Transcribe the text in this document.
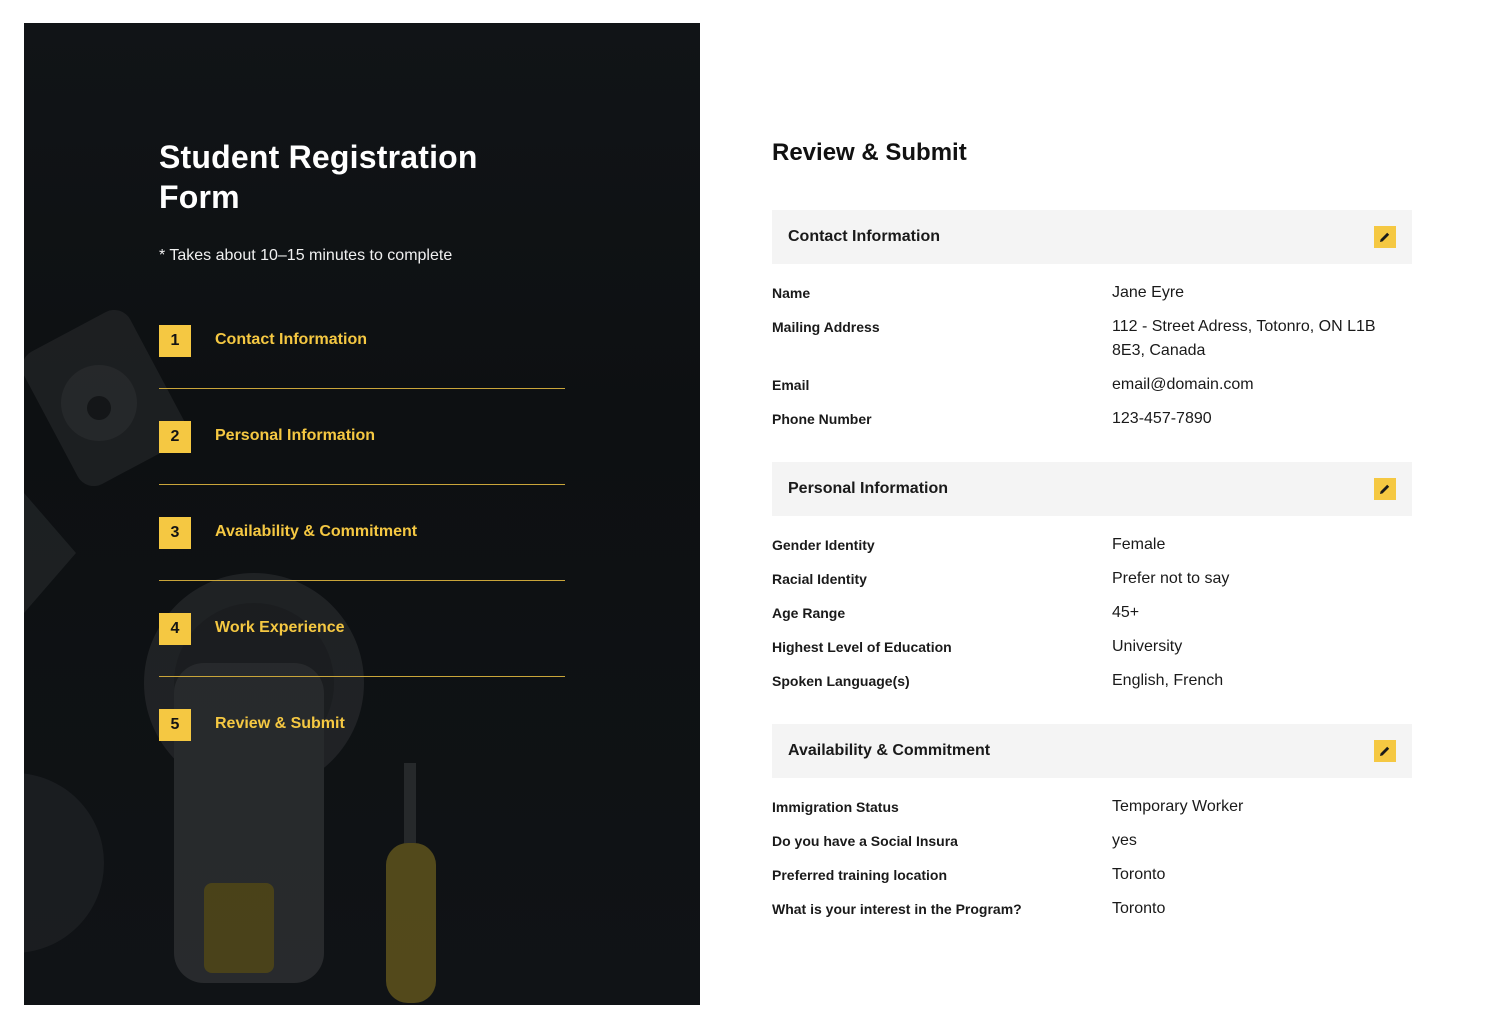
Student Registration Form
* Takes about 10–15 minutes to complete
1	Contact Information
2	Personal Information
3	Availability & Commitment
4	Work Experience
5	Review & Submit
Review & Submit
Contact Information
Name	Jane Eyre
Mailing Address	112 - Street Adress, Totonro, ON L1B 8E3, Canada
Email	email@domain.com
Phone Number	123-457-7890
Personal Information
Gender Identity	Female
Racial Identity	Prefer not to say
Age Range	45+
Highest Level of Education	University
Spoken Language(s)	English, French
Availability & Commitment
Immigration Status	Temporary Worker
Do you have a Social Insura	yes
Preferred training location	Toronto
What is your interest in the Program?	Toronto
